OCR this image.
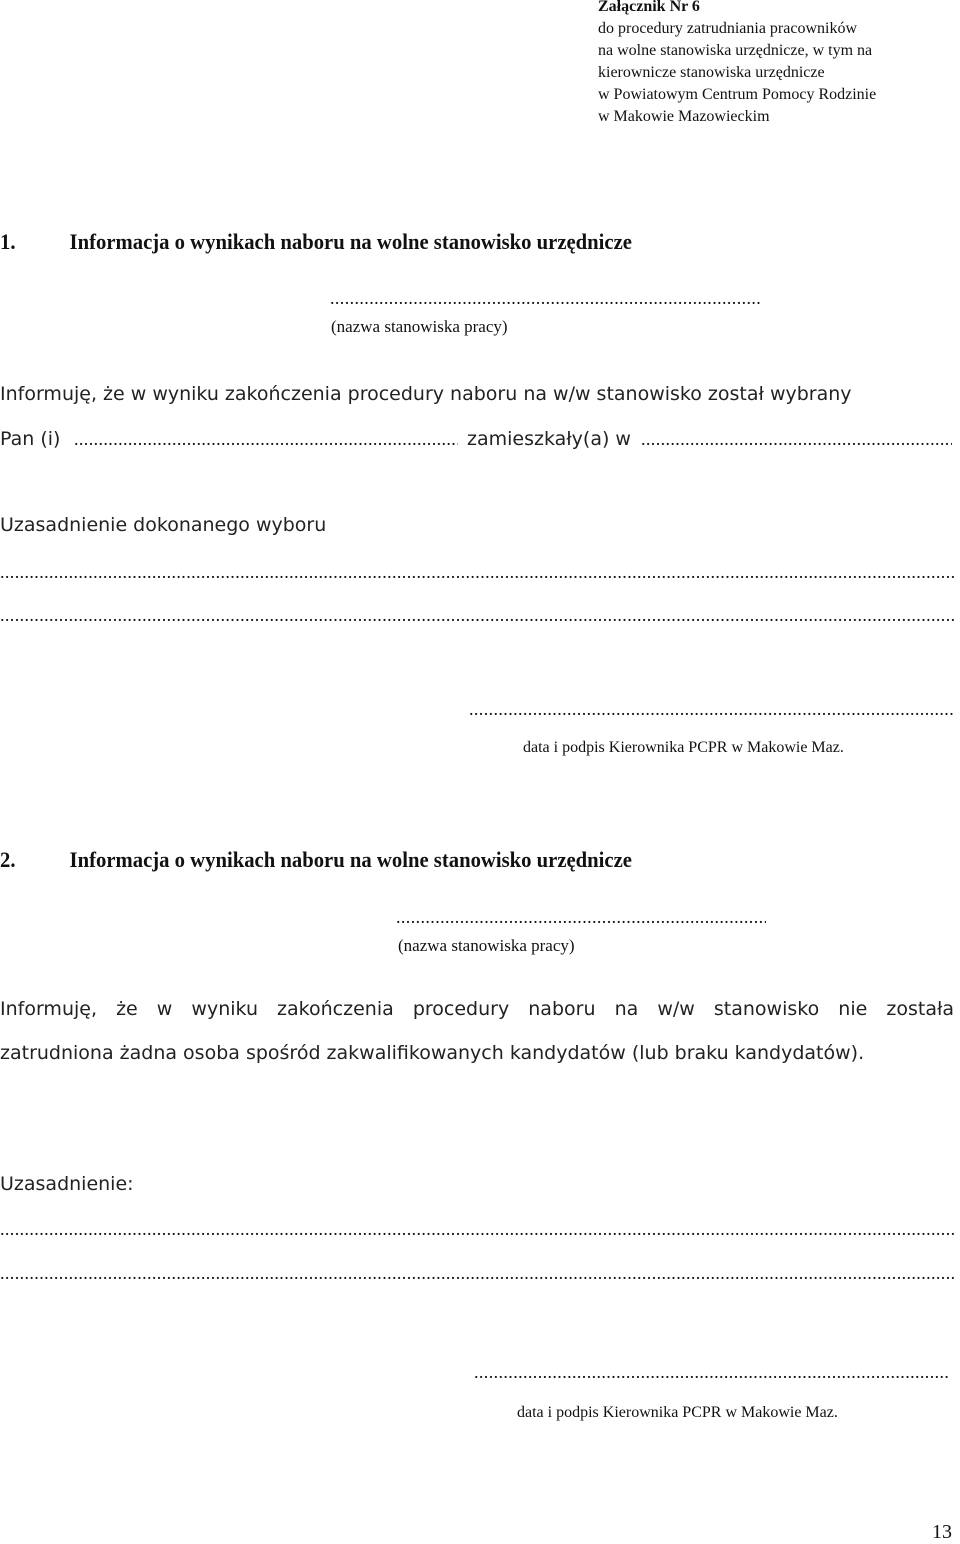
Załącznik Nr 6
do procedury zatrudniania pracowników
na wolne stanowiska urzędnicze, w tym na
kierownicze stanowiska urzędnicze
w Powiatowym Centrum Pomocy Rodzinie
w Makowie Mazowieckim
1. Informacja o wynikach naboru na wolne stanowisko urzędnicze
.....
(nazwa stanowiska pracy)
Informuję, że w wyniku zakończenia procedury naboru na w/w stanowisko został wybrany
Pan (i)
.....	zamieszkały(a) w
.....
Uzasadnienie dokonanego wyboru
.....
.....
.....
data i podpis Kierownika PCPR w Makowie Maz.
2. Informacja o wynikach naboru na wolne stanowisko urzędnicze
.....
(nazwa stanowiska pracy)
Informuję, że w wyniku zakończenia procedury naboru na w/w stanowisko nie została
zatrudniona żadna osoba spośród zakwalifikowanych kandydatów (lub braku kandydatów).
Uzasadnienie:
.....
.....
.....
data i podpis Kierownika PCPR w Makowie Maz.
13
